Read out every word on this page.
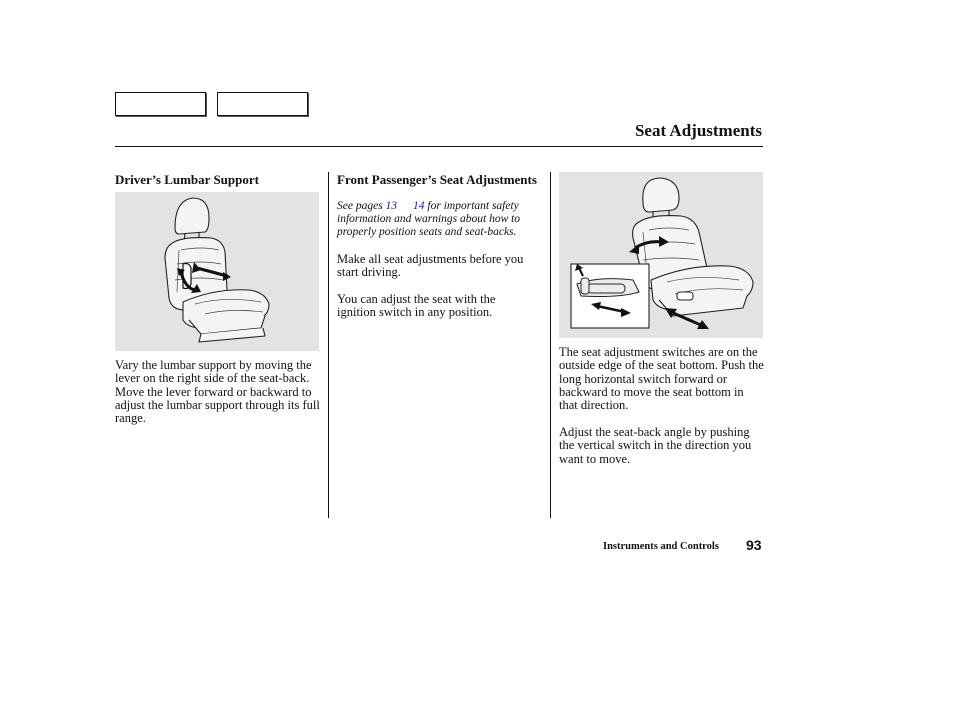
Seat Adjustments
Driver’s Lumbar Support

Vary the lumbar support by moving the lever on the right side of the seat-back. Move the lever forward or backward to adjust the lumbar support through its full range.

Front Passenger’s Seat Adjustments

See pages 13 14 for important safety information and warnings about how to properly position seats and seat-backs.

Make all seat adjustments before you start driving.

You can adjust the seat with the ignition switch in any position.

The seat adjustment switches are on the outside edge of the seat bottom. Push the long horizontal switch forward or backward to move the seat bottom in that direction.

Adjust the seat-back angle by pushing the vertical switch in the direction you want to move.

Instruments and Controls 93
